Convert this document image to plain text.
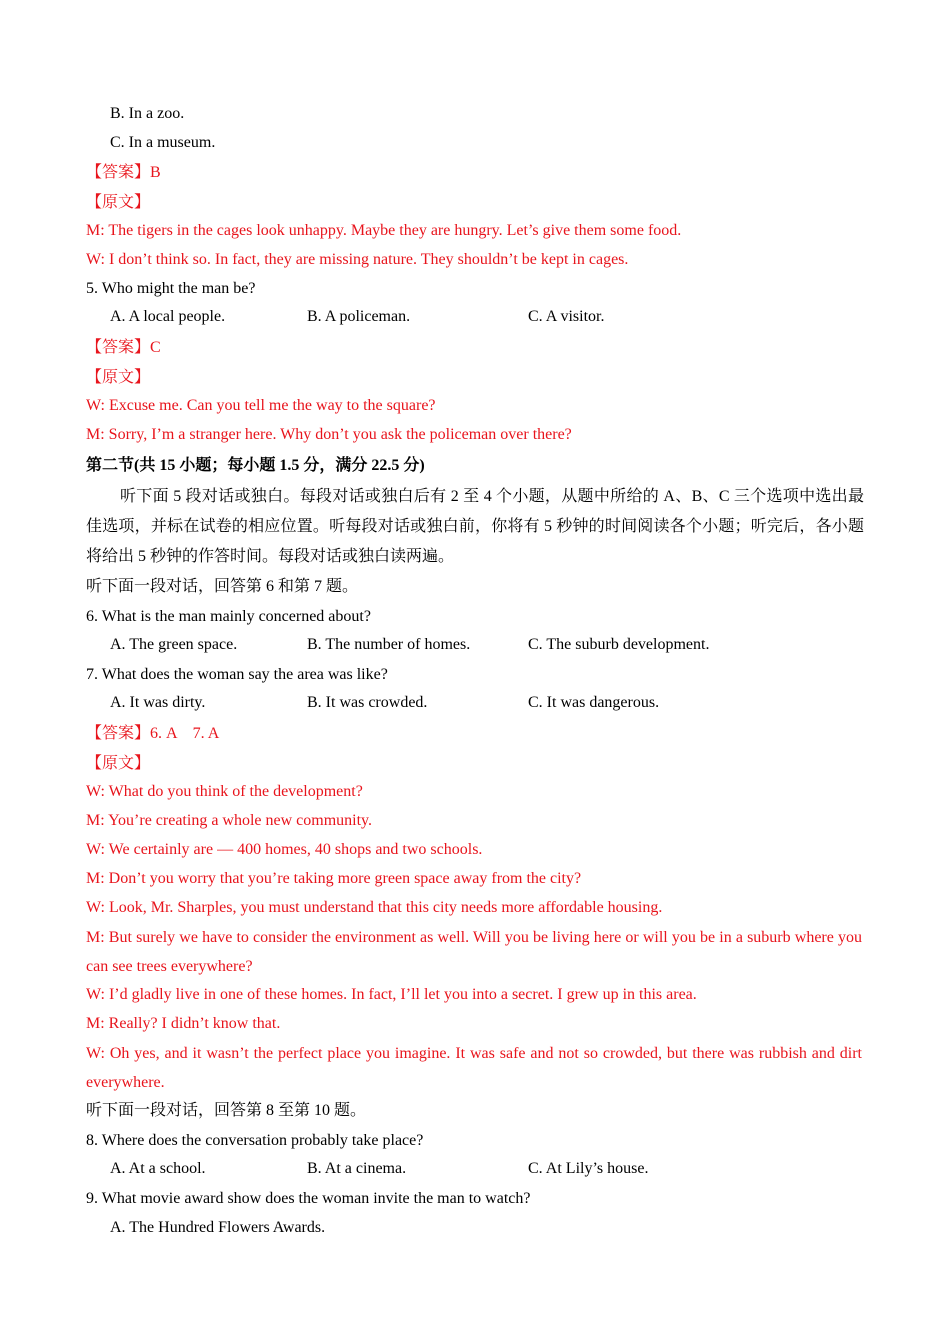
B. In a zoo.
C. In a museum.
【答案】B
【原文】
M: The tigers in the cages look unhappy. Maybe they are hungry. Let’s give them some food.
W: I don’t think so. In fact, they are missing nature. They shouldn’t be kept in cages.
5. Who might the man be?
A. A local people.	B. A policeman.	C. A visitor.
【答案】C
【原文】
W: Excuse me. Can you tell me the way to the square?
M: Sorry, I’m a stranger here. Why don’t you ask the policeman over there?
第二节(共 15 小题；每小题 1.5 分，满分 22.5 分)
听下面 5 段对话或独白。每段对话或独白后有 2 至 4 个小题，从题中所给的 A、B、C 三个选项中选出最佳选项，并标在试卷的相应位置。听每段对话或独白前，你将有 5 秒钟的时间阅读各个小题；听完后，各小题将给出 5 秒钟的作答时间。每段对话或独白读两遍。
听下面一段对话，回答第 6 和第 7 题。
6. What is the man mainly concerned about?
A. The green space.	B. The number of homes.	C. The suburb development.
7. What does the woman say the area was like?
A. It was dirty.	B. It was crowded.	C. It was dangerous.
【答案】6. A    7. A
【原文】
W: What do you think of the development?
M: You’re creating a whole new community.
W: We certainly are — 400 homes, 40 shops and two schools.
M: Don’t you worry that you’re taking more green space away from the city?
W: Look, Mr. Sharples, you must understand that this city needs more affordable housing.
M: But surely we have to consider the environment as well. Will you be living here or will you be in a suburb where you can see trees everywhere?
W: I’d gladly live in one of these homes. In fact, I’ll let you into a secret. I grew up in this area.
M: Really? I didn’t know that.
W: Oh yes, and it wasn’t the perfect place you imagine. It was safe and not so crowded, but there was rubbish and dirt everywhere.
听下面一段对话，回答第 8 至第 10 题。
8. Where does the conversation probably take place?
A. At a school.	B. At a cinema.	C. At Lily’s house.
9. What movie award show does the woman invite the man to watch?
A. The Hundred Flowers Awards.
